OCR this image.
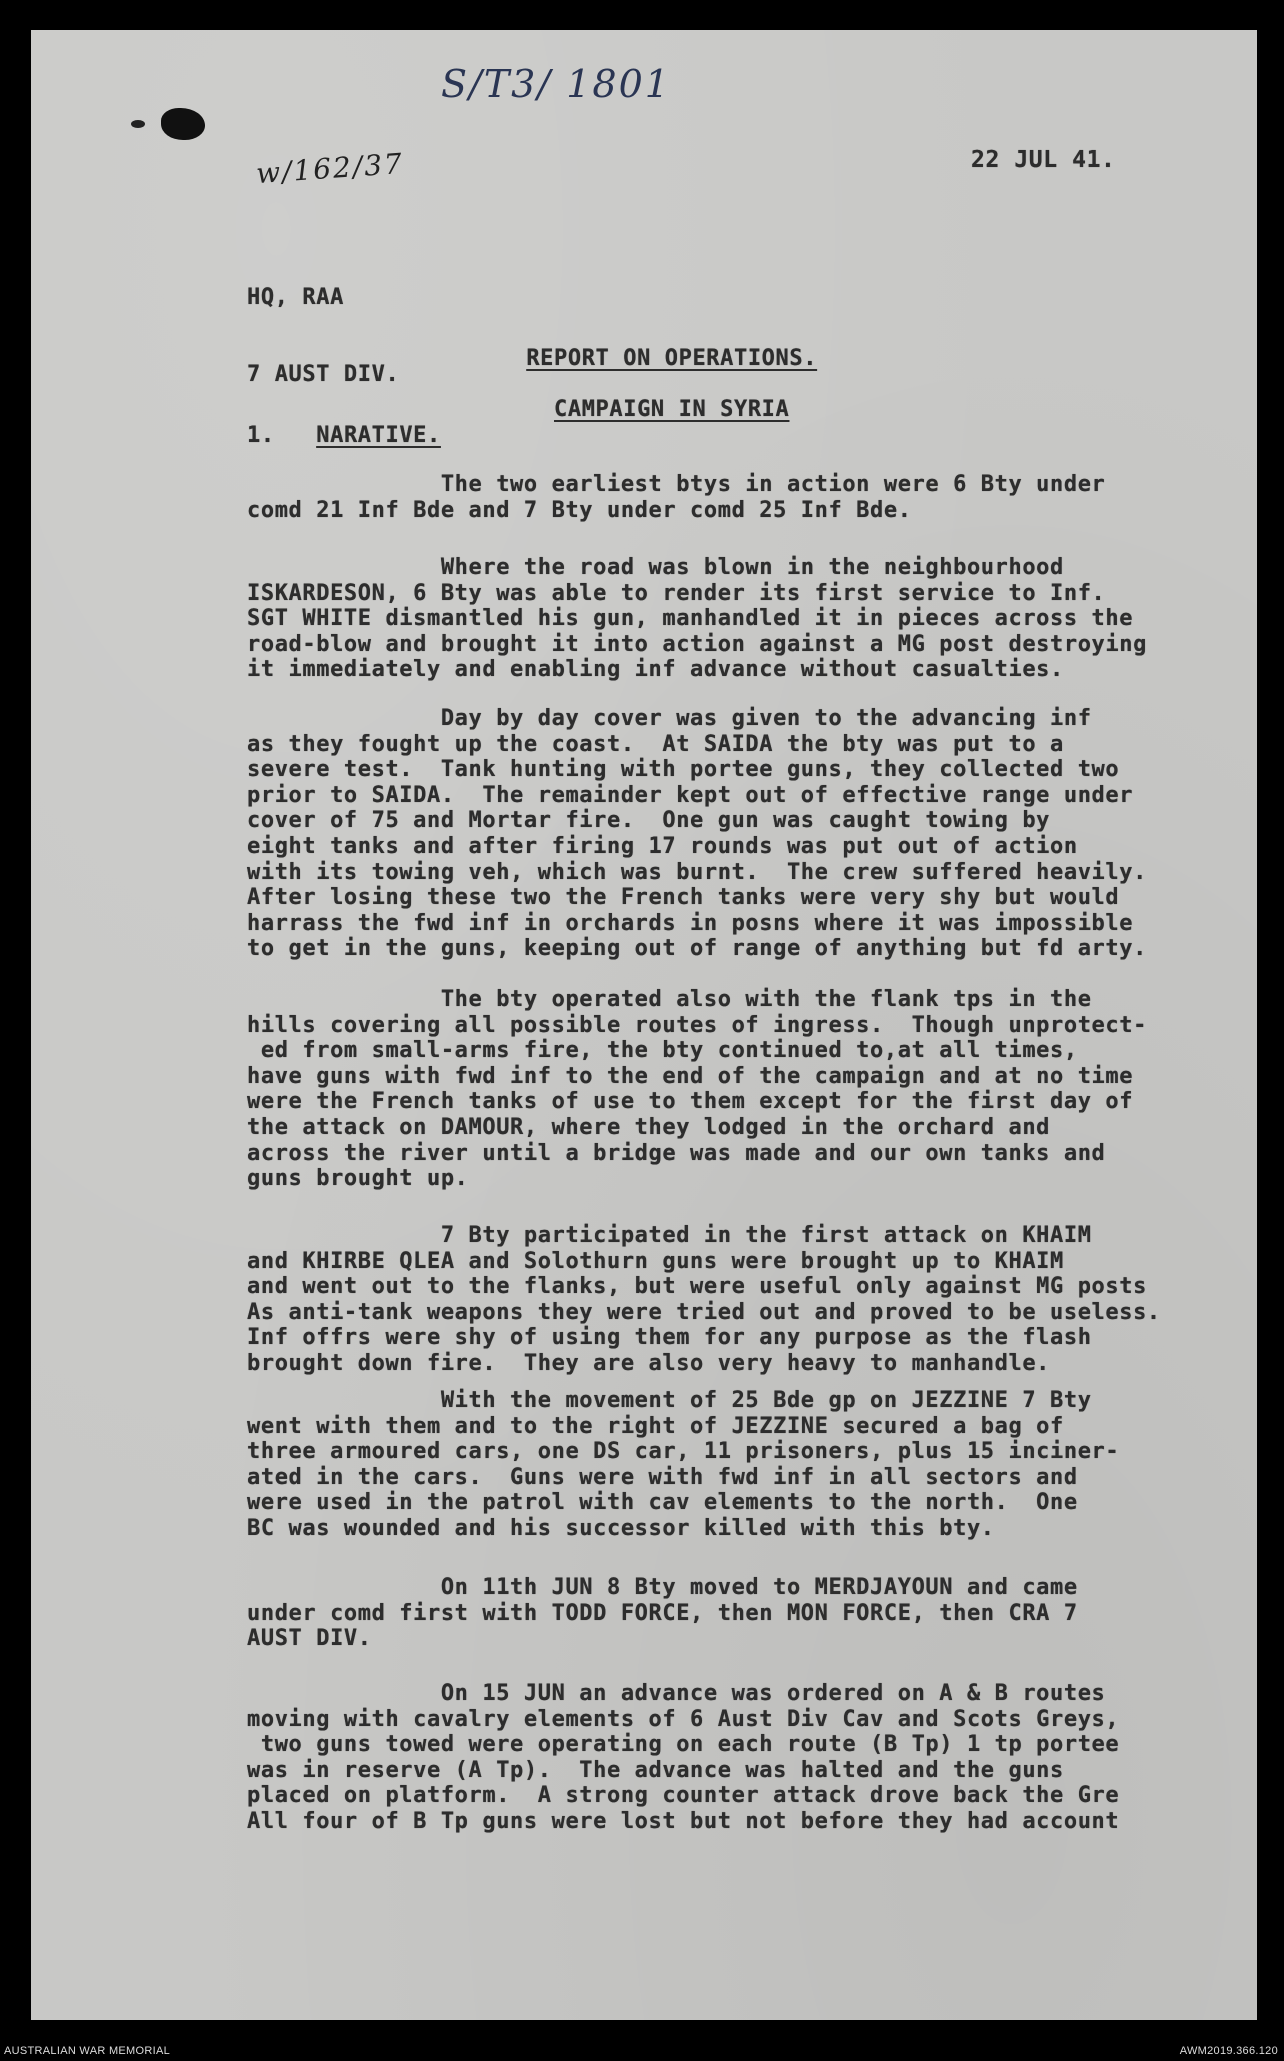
S/T3/ 1801
w/162/37	22 JUL 41.

HQ, RAA

7 AUST DIV.

REPORT ON OPERATIONS.

CAMPAIGN IN SYRIA

1. NARATIVE.
The two earliest btys in action were 6 Bty under
comd 21 Inf Bde and 7 Bty under comd 25 Inf Bde.
Where the road was blown in the neighbourhood
ISKARDESON, 6 Bty was able to render its first service to Inf.
SGT WHITE dismantled his gun, manhandled it in pieces across the
road-blow and brought it into action against a MG post destroying
it immediately and enabling inf advance without casualties.
Day by day cover was given to the advancing inf
as they fought up the coast.  At SAIDA the bty was put to a
severe test.  Tank hunting with portee guns, they collected two
prior to SAIDA.  The remainder kept out of effective range under
cover of 75 and Mortar fire.  One gun was caught towing by
eight tanks and after firing 17 rounds was put out of action
with its towing veh, which was burnt.  The crew suffered heavily.
After losing these two the French tanks were very shy but would
harrass the fwd inf in orchards in posns where it was impossible
to get in the guns, keeping out of range of anything but fd arty.
The bty operated also with the flank tps in the
hills covering all possible routes of ingress.  Though unprotect-
ed from small-arms fire, the bty continued to,at all times,
have guns with fwd inf to the end of the campaign and at no time
were the French tanks of use to them except for the first day of
the attack on DAMOUR, where they lodged in the orchard and
across the river until a bridge was made and our own tanks and
guns brought up.
7 Bty participated in the first attack on KHAIM
and KHIRBE QLEA and Solothurn guns were brought up to KHAIM
and went out to the flanks, but were useful only against MG posts
As anti-tank weapons they were tried out and proved to be useless.
Inf offrs were shy of using them for any purpose as the flash
brought down fire.  They are also very heavy to manhandle.
With the movement of 25 Bde gp on JEZZINE 7 Bty
went with them and to the right of JEZZINE secured a bag of
three armoured cars, one DS car, 11 prisoners, plus 15 inciner-
ated in the cars.  Guns were with fwd inf in all sectors and
were used in the patrol with cav elements to the north.  One
BC was wounded and his successor killed with this bty.
On 11th JUN 8 Bty moved to MERDJAYOUN and came
under comd first with TODD FORCE, then MON FORCE, then CRA 7
AUST DIV.
On 15 JUN an advance was ordered on A & B routes
moving with cavalry elements of 6 Aust Div Cav and Scots Greys,
two guns towed were operating on each route (B Tp) 1 tp portee
was in reserve (A Tp).  The advance was halted and the guns
placed on platform.  A strong counter attack drove back the Gre
All four of B Tp guns were lost but not before they had account
AUSTRALIAN WAR MEMORIAL	AWM2019.366.120
